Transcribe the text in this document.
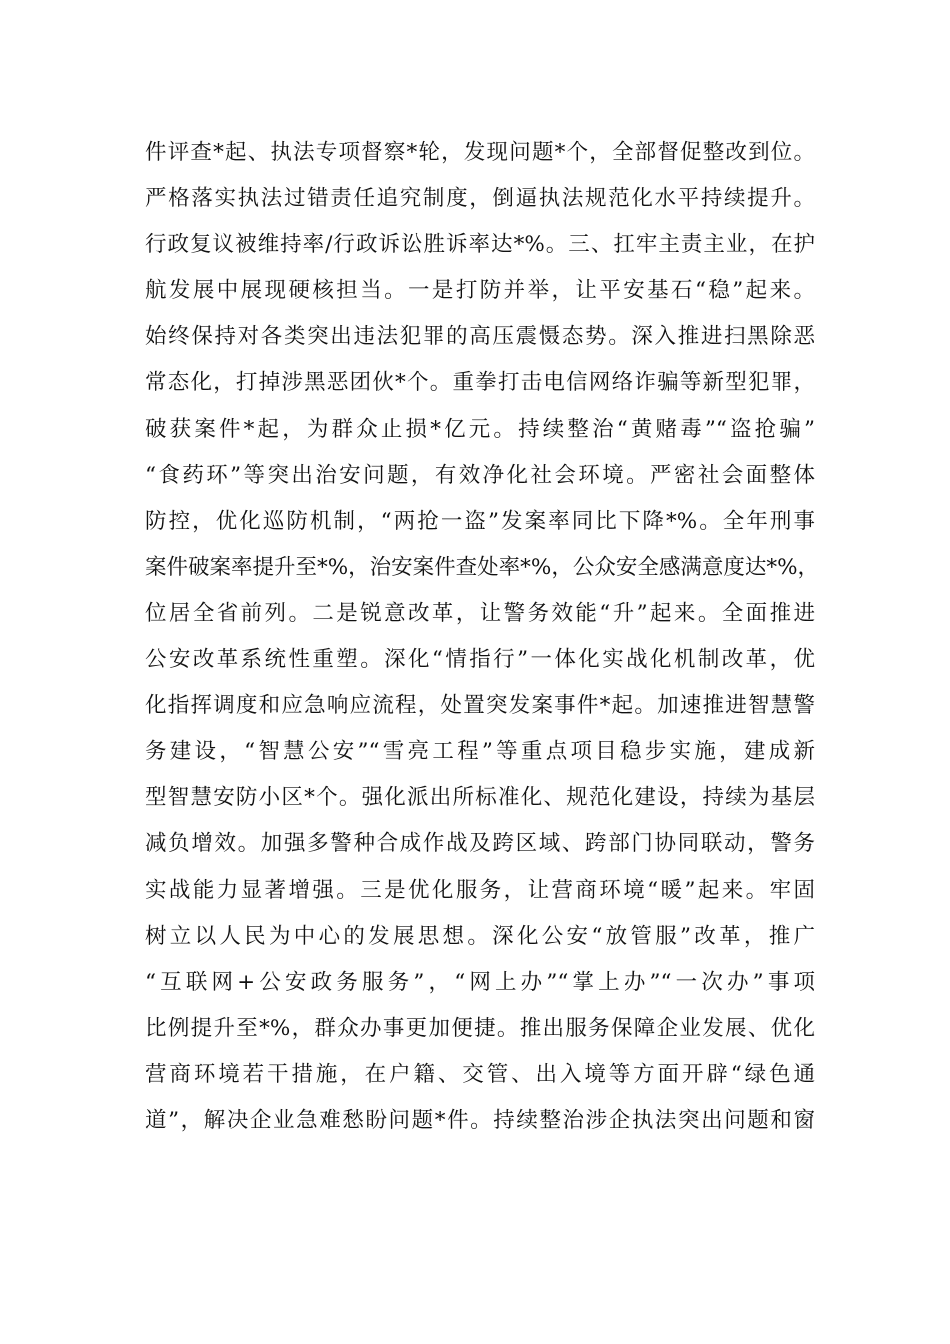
件评查*起、执法专项督察*轮，发现问题*个，全部督促整改到位。
严格落实执法过错责任追究制度，倒逼执法规范化水平持续提升。
行政复议被维持率/行政诉讼胜诉率达*%。三、扛牢主责主业，在护
航发展中展现硬核担当。一是打防并举，让平安基石“稳”起来。
始终保持对各类突出违法犯罪的高压震慑态势。深入推进扫黑除恶
常态化，打掉涉黑恶团伙*个。重拳打击电信网络诈骗等新型犯罪，
破获案件*起，为群众止损*亿元。持续整治“黄赌毒”“盗抢骗”
“食药环”等突出治安问题，有效净化社会环境。严密社会面整体
防控，优化巡防机制，“两抢一盗”发案率同比下降*%。全年刑事
案件破案率提升至*%，治安案件查处率*%，公众安全感满意度达*%，
位居全省前列。二是锐意改革，让警务效能“升”起来。全面推进
公安改革系统性重塑。深化“情指行”一体化实战化机制改革，优
化指挥调度和应急响应流程，处置突发案事件*起。加速推进智慧警
务建设，“智慧公安”“雪亮工程”等重点项目稳步实施，建成新
型智慧安防小区*个。强化派出所标准化、规范化建设，持续为基层
减负增效。加强多警种合成作战及跨区域、跨部门协同联动，警务
实战能力显著增强。三是优化服务，让营商环境“暖”起来。牢固
树立以人民为中心的发展思想。深化公安“放管服”改革，推广
“互联网+公安政务服务”，“网上办”“掌上办”“一次办”事项
比例提升至*%，群众办事更加便捷。推出服务保障企业发展、优化
营商环境若干措施，在户籍、交管、出入境等方面开辟“绿色通
道”，解决企业急难愁盼问题*件。持续整治涉企执法突出问题和窗
